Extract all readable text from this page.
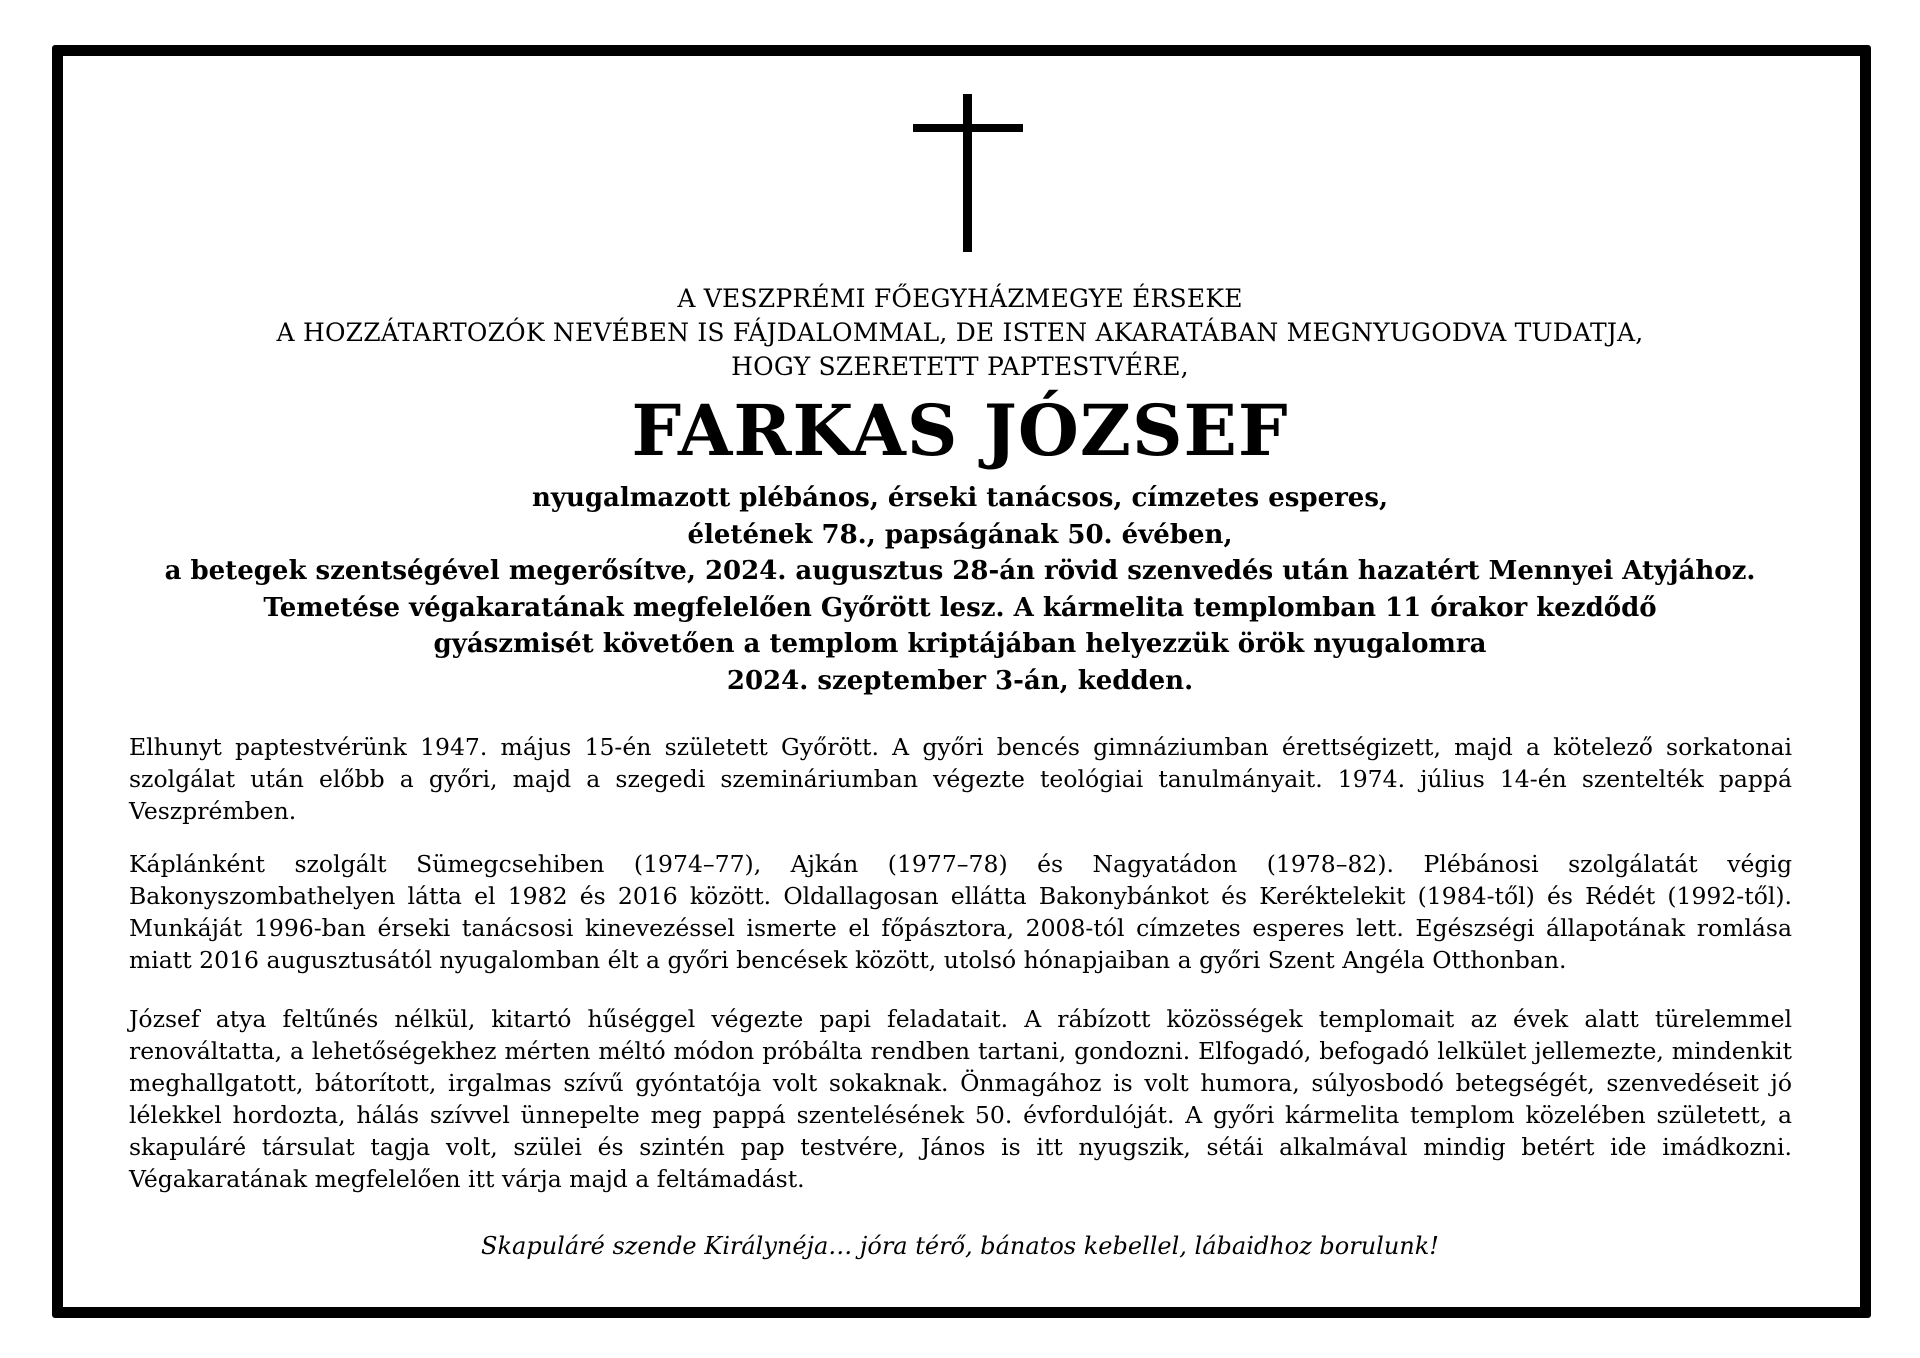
A VESZPRÉMI FŐEGYHÁZMEGYE ÉRSEKE
A HOZZÁTARTOZÓK NEVÉBEN IS FÁJDALOMMAL, DE ISTEN AKARATÁBAN MEGNYUGODVA TUDATJA,
HOGY SZERETETT PAPTESTVÉRE,
FARKAS JÓZSEF
nyugalmazott plébános, érseki tanácsos, címzetes esperes,
életének 78., papságának 50. évében,
a betegek szentségével megerősítve, 2024. augusztus 28-án rövid szenvedés után hazatért Mennyei Atyjához.
Temetése végakaratának megfelelően Győrött lesz. A kármelita templomban 11 órakor kezdődő
gyászmisét követően a templom kriptájában helyezzük örök nyugalomra
2024. szeptember 3-án, kedden.

Elhunyt paptestvérünk 1947. május 15-én született Győrött. A győri bencés gimnáziumban érettségizett, majd a kötelező sorkatonai szolgálat után előbb a győri, majd a szegedi szemináriumban végezte teológiai tanulmányait. 1974. július 14-én szentelték pappá Veszprémben.

Káplánként szolgált Sümegcsehiben (1974–77), Ajkán (1977–78) és Nagyatádon (1978–82). Plébánosi szolgálatát végig Bakonyszombathelyen látta el 1982 és 2016 között. Oldallagosan ellátta Bakonybánkot és Keréktelekit (1984-től) és Rédét (1992-től). Munkáját 1996-ban érseki tanácsosi kinevezéssel ismerte el főpásztora, 2008-tól címzetes esperes lett. Egészségi állapotának romlása miatt 2016 augusztusától nyugalomban élt a győri bencések között, utolsó hónapjaiban a győri Szent Angéla Otthonban.

József atya feltűnés nélkül, kitartó hűséggel végezte papi feladatait. A rábízott közösségek templomait az évek alatt türelemmel renováltatta, a lehetőségekhez mérten méltó módon próbálta rendben tartani, gondozni. Elfogadó, befogadó lelkület jellemezte, mindenkit meghallgatott, bátorított, irgalmas szívű gyóntatója volt sokaknak. Önmagához is volt humora, súlyosbodó betegségét, szenvedéseit jó lélekkel hordozta, hálás szívvel ünnepelte meg pappá szentelésének 50. évfordulóját. A győri kármelita templom közelében született, a skapuláré társulat tagja volt, szülei és szintén pap testvére, János is itt nyugszik, sétái alkalmával mindig betért ide imádkozni. Végakaratának megfelelően itt várja majd a feltámadást.

Skapuláré szende Királynéja… jóra térő, bánatos kebellel, lábaidhoz borulunk!
